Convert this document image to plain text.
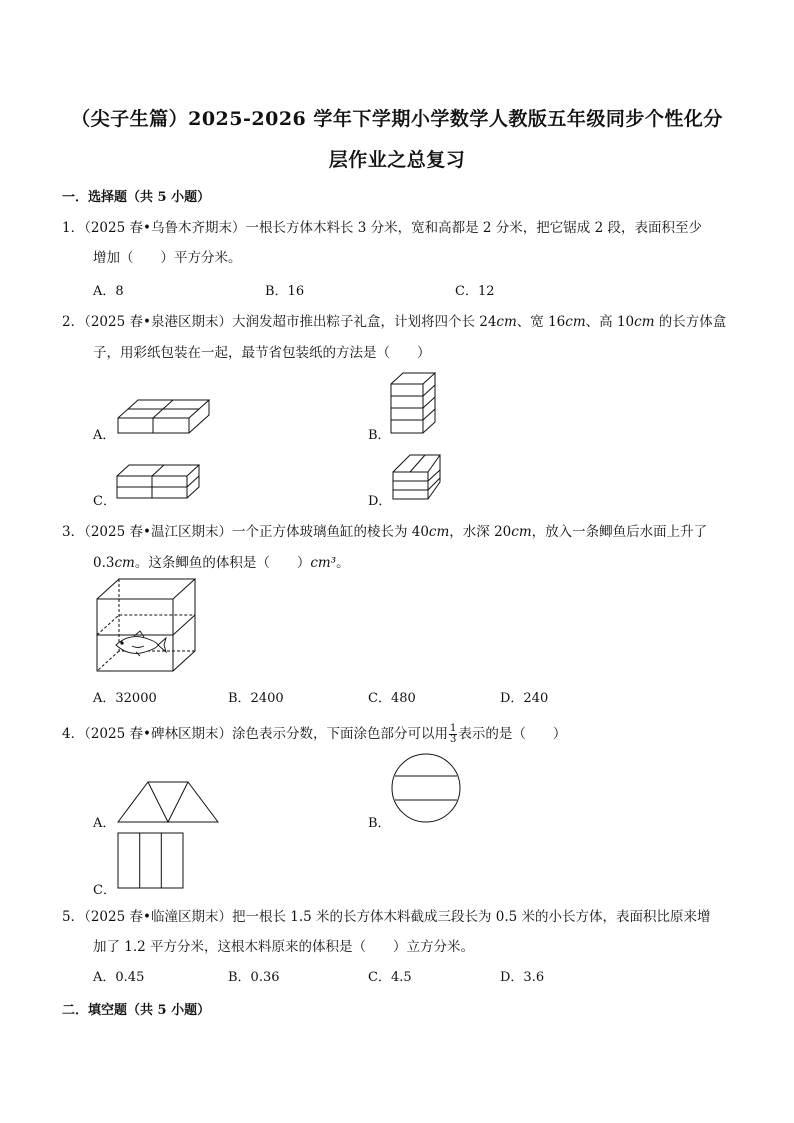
（尖子生篇）2025-2026 学年下学期小学数学人教版五年级同步个性化分
层作业之总复习
一．选择题（共 5 小题）
1．（2025 春•乌鲁木齐期末）一根长方体木料长 3 分米，宽和高都是 2 分米，把它锯成 2 段，表面积至少
增加（　　）平方分米。
A．8	B．16	C．12
2．（2025 春•泉港区期末）大润发超市推出粽子礼盒，计划将四个长 24cm、宽 16cm、高 10cm 的长方体盒
子，用彩纸包装在一起，最节省包装纸的方法是（　　）
A．	B．
C．	D．
3．（2025 春•温江区期末）一个正方体玻璃鱼缸的棱长为 40cm，水深 20cm，放入一条鲫鱼后水面上升了
0.3cm。这条鲫鱼的体积是（　　）cm³。
A．32000	B．2400	C．480	D．240
4．（2025 春•碑林区期末）涂色表示分数，下面涂色部分可以用 $\frac{1}{3}$ 表示的是（　　）
A．	B．
C．
5．（2025 春•临潼区期末）把一根长 1.5 米的长方体木料截成三段长为 0.5 米的小长方体，表面积比原来增
加了 1.2 平方分米，这根木料原来的体积是（　　）立方分米。
A．0.45	B．0.36	C．4.5	D．3.6
二．填空题（共 5 小题）
